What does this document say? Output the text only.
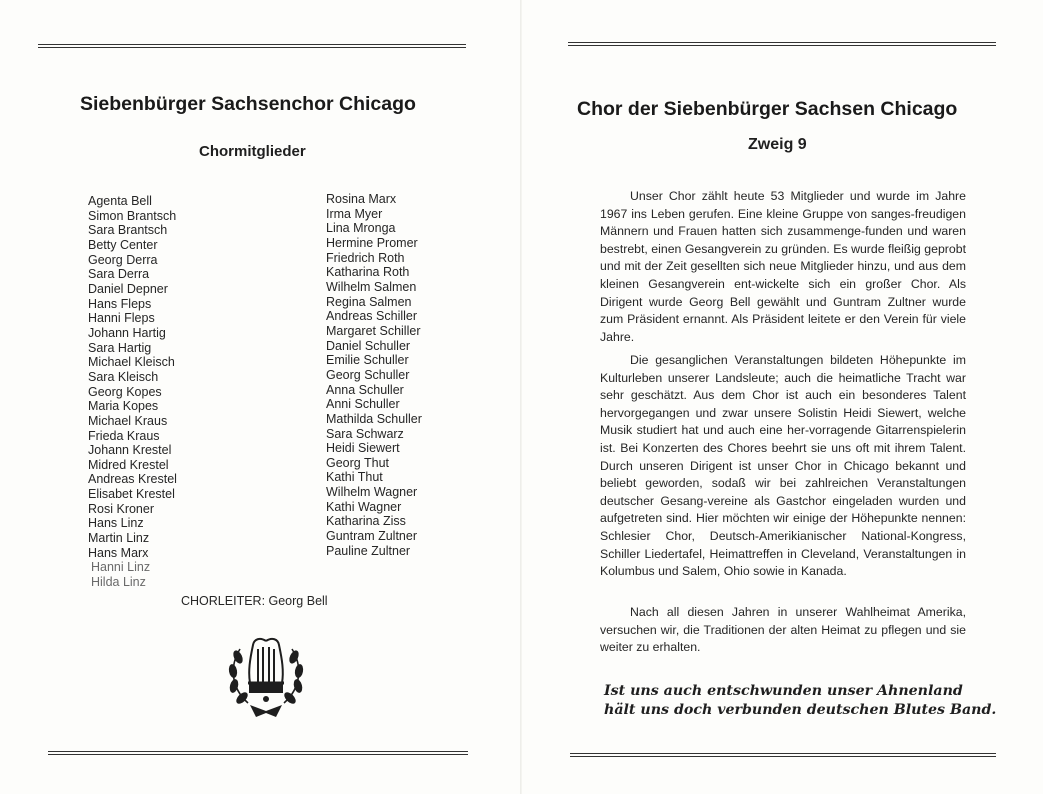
Siebenbürger Sachsenchor Chicago
Chormitglieder
Agenta Bell
Simon Brantsch
Sara Brantsch
Betty Center
Georg Derra
Sara Derra
Daniel Depner
Hans Fleps
Hanni Fleps
Johann Hartig
Sara Hartig
Michael Kleisch
Sara Kleisch
Georg Kopes
Maria Kopes
Michael Kraus
Frieda Kraus
Johann Krestel
Midred Krestel
Andreas Krestel
Elisabet Krestel
Rosi Kroner
Hans Linz
Martin Linz
Hans Marx
Hanni Linz
Hilda Linz
Rosina Marx
Irma Myer
Lina Mronga
Hermine Promer
Friedrich Roth
Katharina Roth
Wilhelm Salmen
Regina Salmen
Andreas Schiller
Margaret Schiller
Daniel Schuller
Emilie Schuller
Georg Schuller
Anna Schuller
Anni Schuller
Mathilda Schuller
Sara Schwarz
Heidi Siewert
Georg Thut
Kathi Thut
Wilhelm Wagner
Kathi Wagner
Katharina Ziss
Guntram Zultner
Pauline Zultner
CHORLEITER: Georg Bell
Chor der Siebenbürger Sachsen Chicago
Zweig 9

Unser Chor zählt heute 53 Mitglieder und wurde im Jahre 1967 ins Leben gerufen. Eine kleine Gruppe von sanges-freudigen Männern und Frauen hatten sich zusammenge-funden und waren bestrebt, einen Gesangverein zu gründen. Es wurde fleißig geprobt und mit der Zeit gesellten sich neue Mitglieder hinzu, und aus dem kleinen Gesangverein ent-wickelte sich ein großer Chor. Als Dirigent wurde Georg Bell gewählt und Guntram Zultner wurde zum Präsident ernannt. Als Präsident leitete er den Verein für viele Jahre.

Die gesanglichen Veranstaltungen bildeten Höhepunkte im Kulturleben unserer Landsleute; auch die heimatliche Tracht war sehr geschätzt. Aus dem Chor ist auch ein besonderes Talent hervorgegangen und zwar unsere Solistin Heidi Siewert, welche Musik studiert hat und auch eine her-vorragende Gitarrenspielerin ist. Bei Konzerten des Chores beehrt sie uns oft mit ihrem Talent. Durch unseren Dirigent ist unser Chor in Chicago bekannt und beliebt geworden, sodaß wir bei zahlreichen Veranstaltungen deutscher Gesang-vereine als Gastchor eingeladen wurden und aufgetreten sind. Hier möchten wir einige der Höhepunkte nennen: Schlesier Chor, Deutsch-Amerikianischer National-Kongress, Schiller Liedertafel, Heimattreffen in Cleveland, Veranstaltungen in Kolumbus und Salem, Ohio sowie in Kanada.

Nach all diesen Jahren in unserer Wahlheimat Amerika, versuchen wir, die Traditionen der alten Heimat zu pflegen und sie weiter zu erhalten.

Ist uns auch entschwunden unser Ahnenland
hält uns doch verbunden deutschen Blutes Band.
